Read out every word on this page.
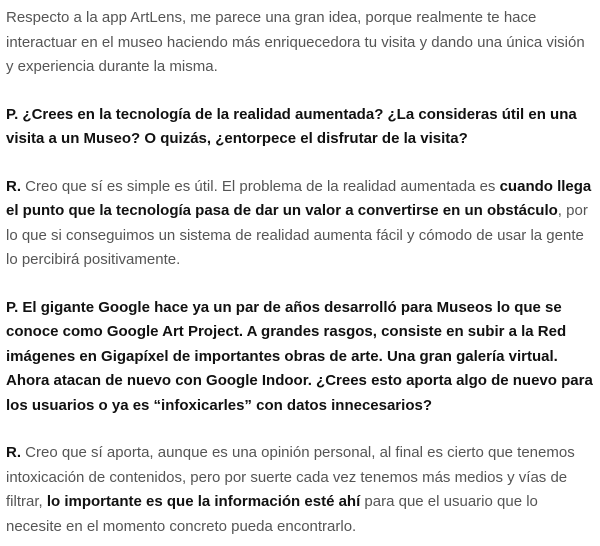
Respecto a la app ArtLens, me parece una gran idea, porque realmente te hace interactuar en el museo haciendo más enriquecedora tu visita y dando una única visión y experiencia durante la misma.

P. ¿Crees en la tecnología de la realidad aumentada? ¿La consideras útil en una visita a un Museo? O quizás, ¿entorpece el disfrutar de la visita?

R. Creo que sí es simple es útil. El problema de la realidad aumentada es cuando llega el punto que la tecnología pasa de dar un valor a convertirse en un obstáculo, por lo que si conseguimos un sistema de realidad aumenta fácil y cómodo de usar la gente lo percibirá positivamente.

P. El gigante Google hace ya un par de años desarrolló para Museos lo que se conoce como Google Art Project. A grandes rasgos, consiste en subir a la Red imágenes en Gigapíxel de importantes obras de arte. Una gran galería virtual. Ahora atacan de nuevo con Google Indoor. ¿Crees esto aporta algo de nuevo para los usuarios o ya es “infoxicarles” con datos innecesarios?

R. Creo que sí aporta, aunque es una opinión personal, al final es cierto que tenemos intoxicación de contenidos, pero por suerte cada vez tenemos más medios y vías de filtrar, lo importante es que la información esté ahí para que el usuario que lo necesite en el momento concreto pueda encontrarlo.
